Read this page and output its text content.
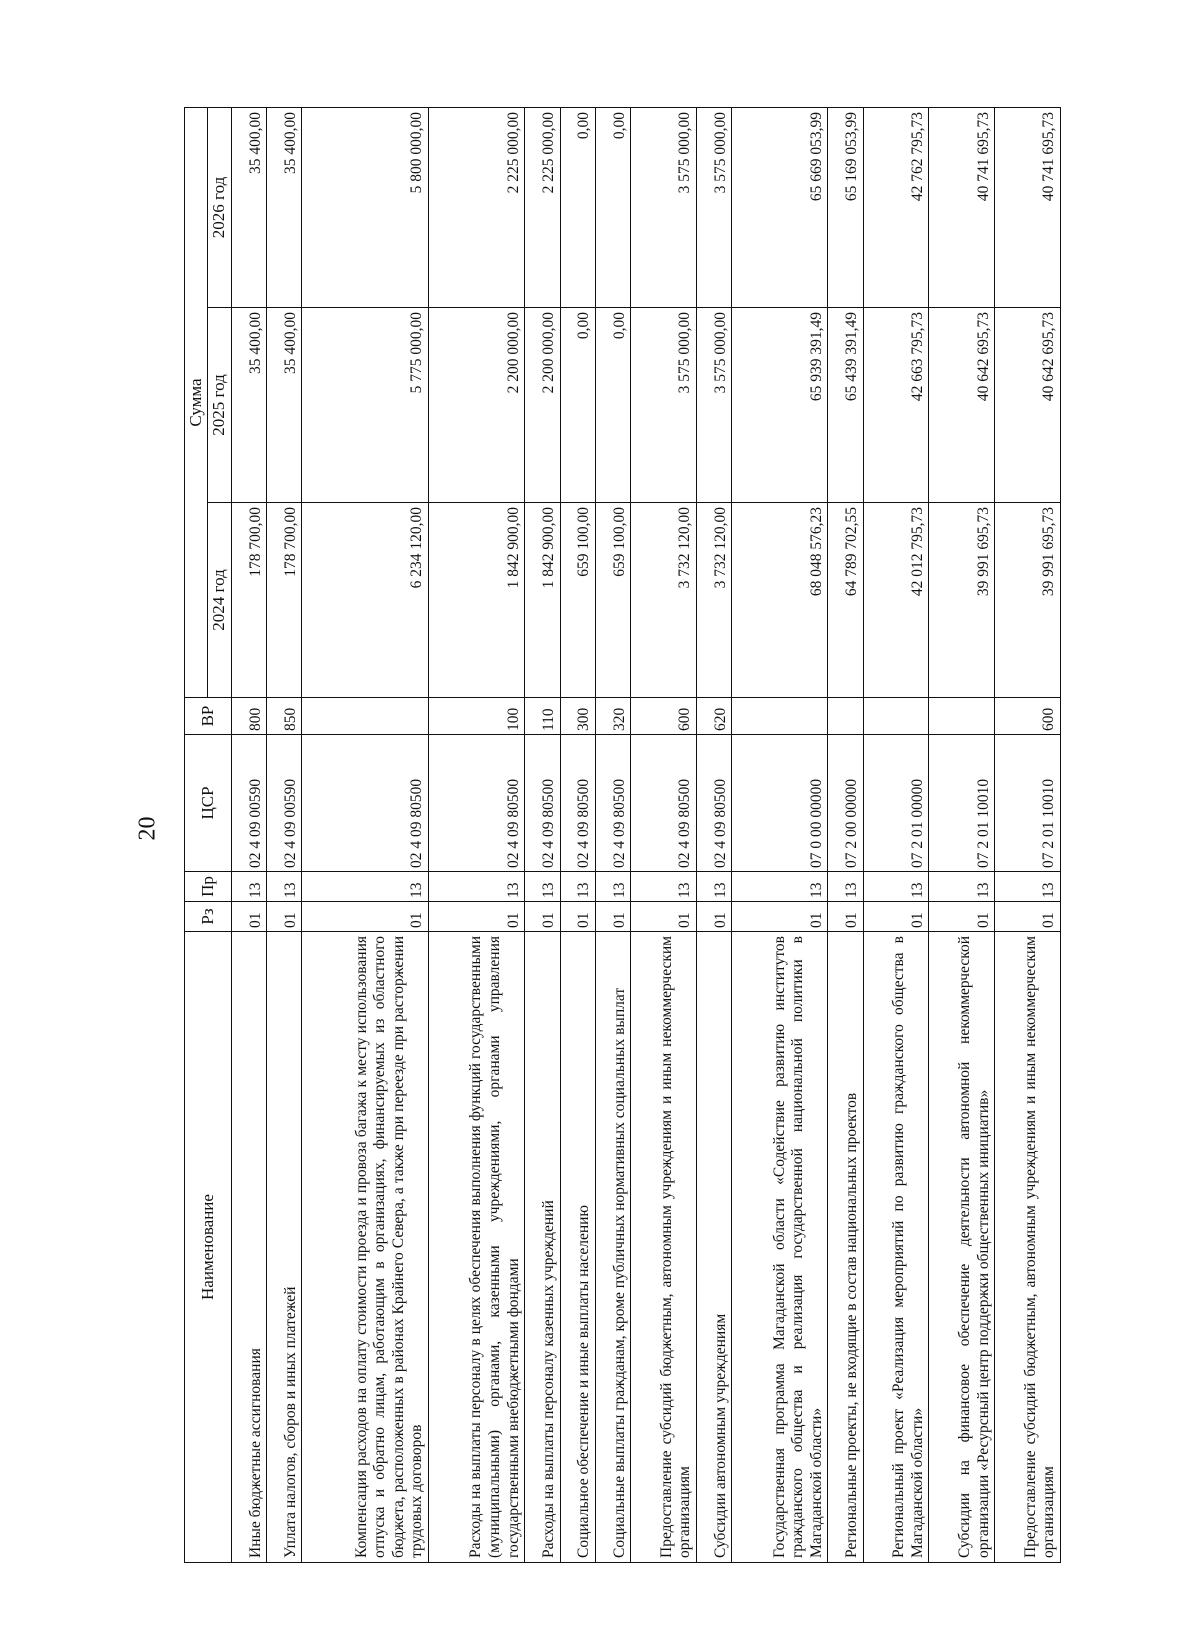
20
Наименование	Рз	Пр	ЦСР	ВР	Сумма		
					2024 год	2025 год	2026 год
Иные бюджетные ассигнования	01	13	02 4 09 00590	800	178 700,00	35 400,00	35 400,00
Уплата налогов, сборов и иных платежей	01	13	02 4 09 00590	850	178 700,00	35 400,00	35 400,00
Компенсация расходов на оплату стоимости проезда и провоза багажа к месту использования отпуска и обратно лицам, работающим в организациях, финансируемых из областного бюджета, расположенных в районах Крайнего Севера, а также при переезде при расторжении трудовых договоров	01	13	02 4 09 80500		6 234 120,00	5 775 000,00	5 800 000,00
Расходы на выплаты персоналу в целях обеспечения выполнения функций государственными (муниципальными) органами, казенными учреждениями, органами управления государственными внебюджетными фондами	01	13	02 4 09 80500	100	1 842 900,00	2 200 000,00	2 225 000,00
Расходы на выплаты персоналу казенных учреждений	01	13	02 4 09 80500	110	1 842 900,00	2 200 000,00	2 225 000,00
Социальное обеспечение и иные выплаты населению	01	13	02 4 09 80500	300	659 100,00	0,00	0,00
Социальные выплаты гражданам, кроме публичных нормативных социальных выплат	01	13	02 4 09 80500	320	659 100,00	0,00	0,00
Предоставление субсидий бюджетным, автономным учреждениям и иным некоммерческим организациям	01	13	02 4 09 80500	600	3 732 120,00	3 575 000,00	3 575 000,00
Субсидии автономным учреждениям	01	13	02 4 09 80500	620	3 732 120,00	3 575 000,00	3 575 000,00
Государственная программа Магаданской области «Содействие развитию институтов гражданского общества и реализация государственной национальной политики в Магаданской области»	01	13	07 0 00 00000		68 048 576,23	65 939 391,49	65 669 053,99
Региональные проекты, не входящие в состав национальных проектов	01	13	07 2 00 00000		64 789 702,55	65 439 391,49	65 169 053,99
Региональный проект «Реализация мероприятий по развитию гражданского общества в Магаданской области»	01	13	07 2 01 00000		42 012 795,73	42 663 795,73	42 762 795,73
Субсидии на финансовое обеспечение деятельности автономной некоммерческой организации «Ресурсный центр поддержки общественных инициатив»	01	13	07 2 01 10010		39 991 695,73	40 642 695,73	40 741 695,73
Предоставление субсидий бюджетным, автономным учреждениям и иным некоммерческим организациям	01	13	07 2 01 10010	600	39 991 695,73	40 642 695,73	40 741 695,73
